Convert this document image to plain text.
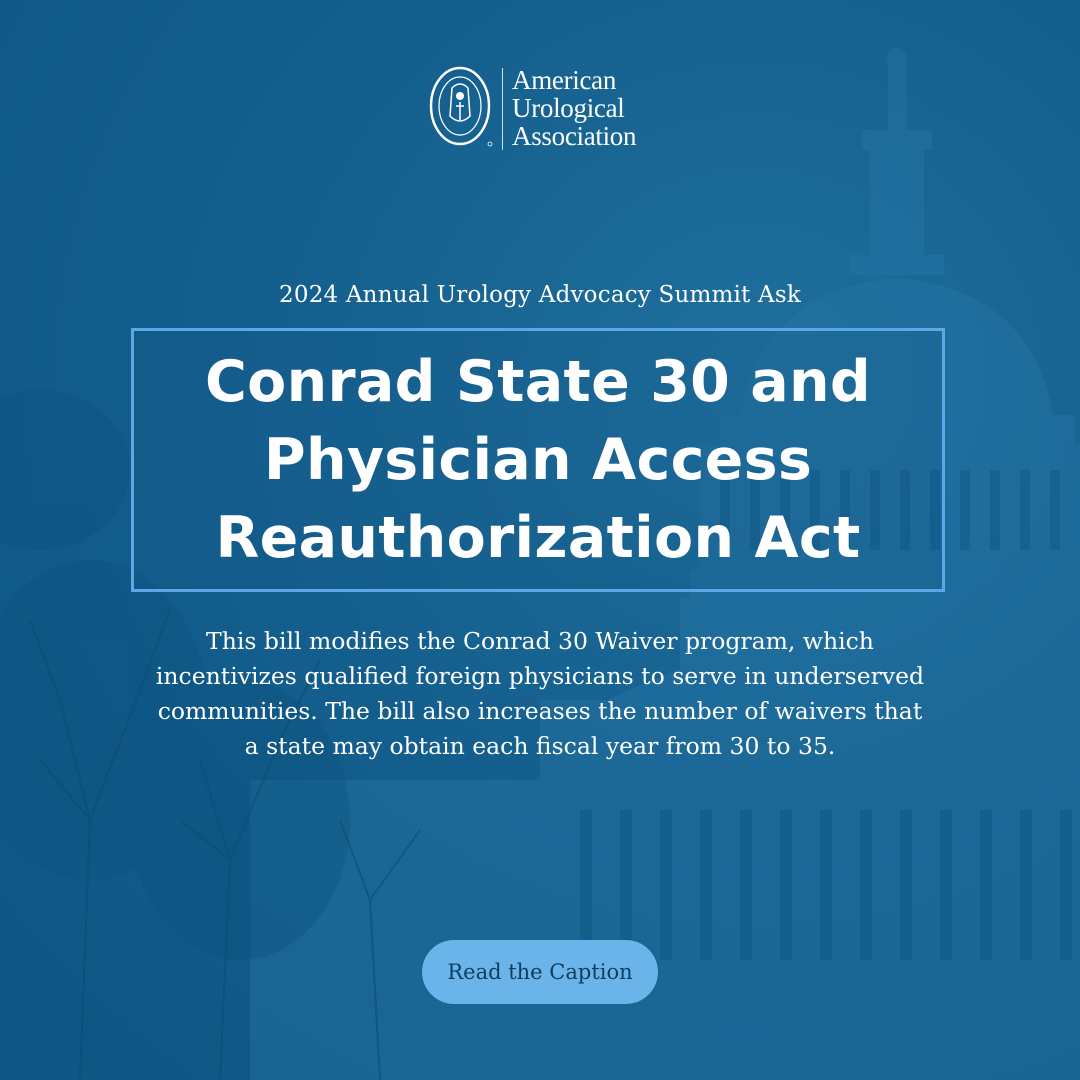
American
Urological
Association
2024 Annual Urology Advocacy Summit Ask
Conrad State 30 and
Physician Access
Reauthorization Act
This bill modifies the Conrad 30 Waiver program, which
incentivizes qualified foreign physicians to serve in underserved
communities. The bill also increases the number of waivers that
a state may obtain each fiscal year from 30 to 35.
Read the Caption
